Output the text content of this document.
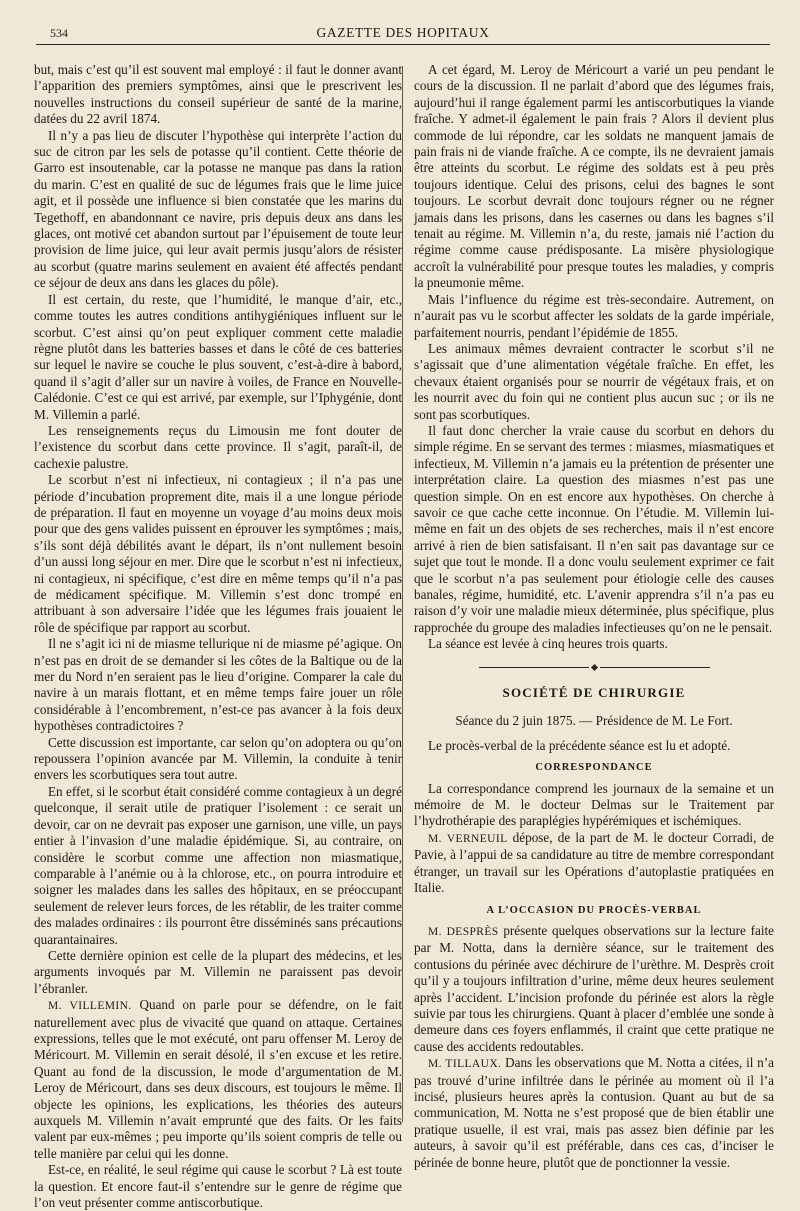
534	GAZETTE DES HOPITAUX

but, mais c’est qu’il est souvent mal employé : il faut le donner avant l’apparition des premiers symptômes, ainsi que le prescrivent les nouvelles instructions du conseil supérieur de santé de la marine, datées du 22 avril 1874.

Il n’y a pas lieu de discuter l’hypothèse qui interprète l’action du suc de citron par les sels de potasse qu’il contient. Cette théorie de Garro est insoutenable, car la potasse ne manque pas dans la ration du marin. C’est en qualité de suc de légumes frais que le lime juice agit, et il possède une influence si bien constatée que les marins du Tegethoff, en abandonnant ce navire, pris depuis deux ans dans les glaces, ont motivé cet abandon surtout par l’épuisement de toute leur provision de lime juice, qui leur avait permis jusqu’alors de résister au scorbut (quatre marins seulement en avaient été affectés pendant ce séjour de deux ans dans les glaces du pôle).

Il est certain, du reste, que l’humidité, le manque d’air, etc., comme toutes les autres conditions antihygiéniques influent sur le scorbut. C’est ainsi qu’on peut expliquer comment cette maladie règne plutôt dans les batteries basses et dans le côté de ces batteries sur lequel le navire se couche le plus souvent, c’est-à-dire à babord, quand il s’agit d’aller sur un navire à voiles, de France en Nouvelle-Calédonie. C’est ce qui est arrivé, par exemple, sur l’Iphygénie, dont M. Villemin a parlé.

Les renseignements reçus du Limousin me font douter de l’existence du scorbut dans cette province. Il s’agit, paraît-il, de cachexie palustre.

Le scorbut n’est ni infectieux, ni contagieux ; il n’a pas une période d’incubation proprement dite, mais il a une longue période de préparation. Il faut en moyenne un voyage d’au moins deux mois pour que des gens valides puissent en éprouver les symptômes ; mais, s’ils sont déjà débilités avant le départ, ils n’ont nullement besoin d’un aussi long séjour en mer. Dire que le scorbut n’est ni infectieux, ni contagieux, ni spécifique, c’est dire en même temps qu’il n’a pas de médicament spécifique. M. Villemin s’est donc trompé en attribuant à son adversaire l’idée que les légumes frais jouaient le rôle de spécifique par rapport au scorbut.

Il ne s’agit ici ni de miasme tellurique ni de miasme pé’agique. On n’est pas en droit de se demander si les côtes de la Baltique ou de la mer du Nord n’en seraient pas le lieu d’origine. Comparer la cale du navire à un marais flottant, et en même temps faire jouer un rôle considérable à l’encombrement, n’est-ce pas avancer à la fois deux hypothèses contradictoires ?

Cette discussion est importante, car selon qu’on adoptera ou qu’on repoussera l’opinion avancée par M. Villemin, la conduite à tenir envers les scorbutiques sera tout autre.

En effet, si le scorbut était considéré comme contagieux à un degré quelconque, il serait utile de pratiquer l’isolement : ce serait un devoir, car on ne devrait pas exposer une garnison, une ville, un pays entier à l’invasion d’une maladie épidémique. Si, au contraire, on considère le scorbut comme une affection non miasmatique, comparable à l’anémie ou à la chlorose, etc., on pourra introduire et soigner les malades dans les salles des hôpitaux, en se préoccupant seulement de relever leurs forces, de les rétablir, de les traiter comme des malades ordinaires : ils pourront être disséminés sans précautions quarantainaires.

Cette dernière opinion est celle de la plupart des médecins, et les arguments invoqués par M. Villemin ne paraissent pas devoir l’ébranler.

M. VILLEMIN. Quand on parle pour se défendre, on le fait naturellement avec plus de vivacité que quand on attaque. Certaines expressions, telles que le mot exécuté, ont paru offenser M. Leroy de Méricourt. M. Villemin en serait désolé, il s’en excuse et les retire. Quant au fond de la discussion, le mode d’argumentation de M. Leroy de Méricourt, dans ses deux discours, est toujours le même. Il objecte les opinions, les explications, les théories des auteurs auxquels M. Villemin n’avait emprunté que des faits. Or les faits valent par eux-mêmes ; peu importe qu’ils soient compris de telle ou telle manière par celui qui les donne.

Est-ce, en réalité, le seul régime qui cause le scorbut ? Là est toute la question. Et encore faut-il s’entendre sur le genre de régime que l’on veut présenter comme antiscorbutique.

A cet égard, M. Leroy de Méricourt a varié un peu pendant le cours de la discussion. Il ne parlait d’abord que des légumes frais, aujourd’hui il range également parmi les antiscorbutiques la viande fraîche. Y admet-il également le pain frais ? Alors il devient plus commode de lui répondre, car les soldats ne manquent jamais de pain frais ni de viande fraîche. A ce compte, ils ne devraient jamais être atteints du scorbut. Le régime des soldats est à peu près toujours identique. Celui des prisons, celui des bagnes le sont toujours. Le scorbut devrait donc toujours régner ou ne régner jamais dans les prisons, dans les casernes ou dans les bagnes s’il tenait au régime. M. Villemin n’a, du reste, jamais nié l’action du régime comme cause prédisposante. La misère physiologique accroît la vulnérabilité pour presque toutes les maladies, y compris la pneumonie même.

Mais l’influence du régime est très-secondaire. Autrement, on n’aurait pas vu le scorbut affecter les soldats de la garde impériale, parfaitement nourris, pendant l’épidémie de 1855.

Les animaux mêmes devraient contracter le scorbut s’il ne s’agissait que d’une alimentation végétale fraîche. En effet, les chevaux étaient organisés pour se nourrir de végétaux frais, et on les nourrit avec du foin qui ne contient plus aucun suc ; or ils ne sont pas scorbutiques.

Il faut donc chercher la vraie cause du scorbut en dehors du simple régime. En se servant des termes : miasmes, miasmatiques et infectieux, M. Villemin n’a jamais eu la prétention de présenter une interprétation claire. La question des miasmes n’est pas une question simple. On en est encore aux hypothèses. On cherche à savoir ce que cache cette inconnue. On l’étudie. M. Villemin lui-même en fait un des objets de ses recherches, mais il n’est encore arrivé à rien de bien satisfaisant. Il n’en sait pas davantage sur ce sujet que tout le monde. Il a donc voulu seulement exprimer ce fait que le scorbut n’a pas seulement pour étiologie celle des causes banales, régime, humidité, etc. L’avenir apprendra s’il n’a pas eu raison d’y voir une maladie mieux déterminée, plus spécifique, plus rapprochée du groupe des maladies infectieuses qu’on ne le pensait.

La séance est levée à cinq heures trois quarts.

SOCIÉTÉ DE CHIRURGIE

Séance du 2 juin 1875. — Présidence de M. Le Fort.

Le procès-verbal de la précédente séance est lu et adopté.

CORRESPONDANCE

La correspondance comprend les journaux de la semaine et un mémoire de M. le docteur Delmas sur le Traitement par l’hydrothérapie des paraplégies hypérémiques et ischémiques.

M. VERNEUIL dépose, de la part de M. le docteur Corradi, de Pavie, à l’appui de sa candidature au titre de membre correspondant étranger, un travail sur les Opérations d’autoplastie pratiquées en Italie.

A L’OCCASION DU PROCÈS-VERBAL

M. DESPRÈS présente quelques observations sur la lecture faite par M. Notta, dans la dernière séance, sur le traitement des contusions du périnée avec déchirure de l’urèthre. M. Desprès croit qu’il y a toujours infiltration d’urine, même deux heures seulement après l’accident. L’incision profonde du périnée est alors la règle suivie par tous les chirurgiens. Quant à placer d’emblée une sonde à demeure dans ces foyers enflammés, il craint que cette pratique ne cause des accidents redoutables.

M. TILLAUX. Dans les observations que M. Notta a citées, il n’a pas trouvé d’urine infiltrée dans le périnée au moment où il l’a incisé, plusieurs heures après la contusion. Quant au but de sa communication, M. Notta ne s’est proposé que de bien établir une pratique usuelle, il est vrai, mais pas assez bien définie par les auteurs, à savoir qu’il est préférable, dans ces cas, d’inciser le périnée de bonne heure, plutôt que de ponctionner la vessie.
